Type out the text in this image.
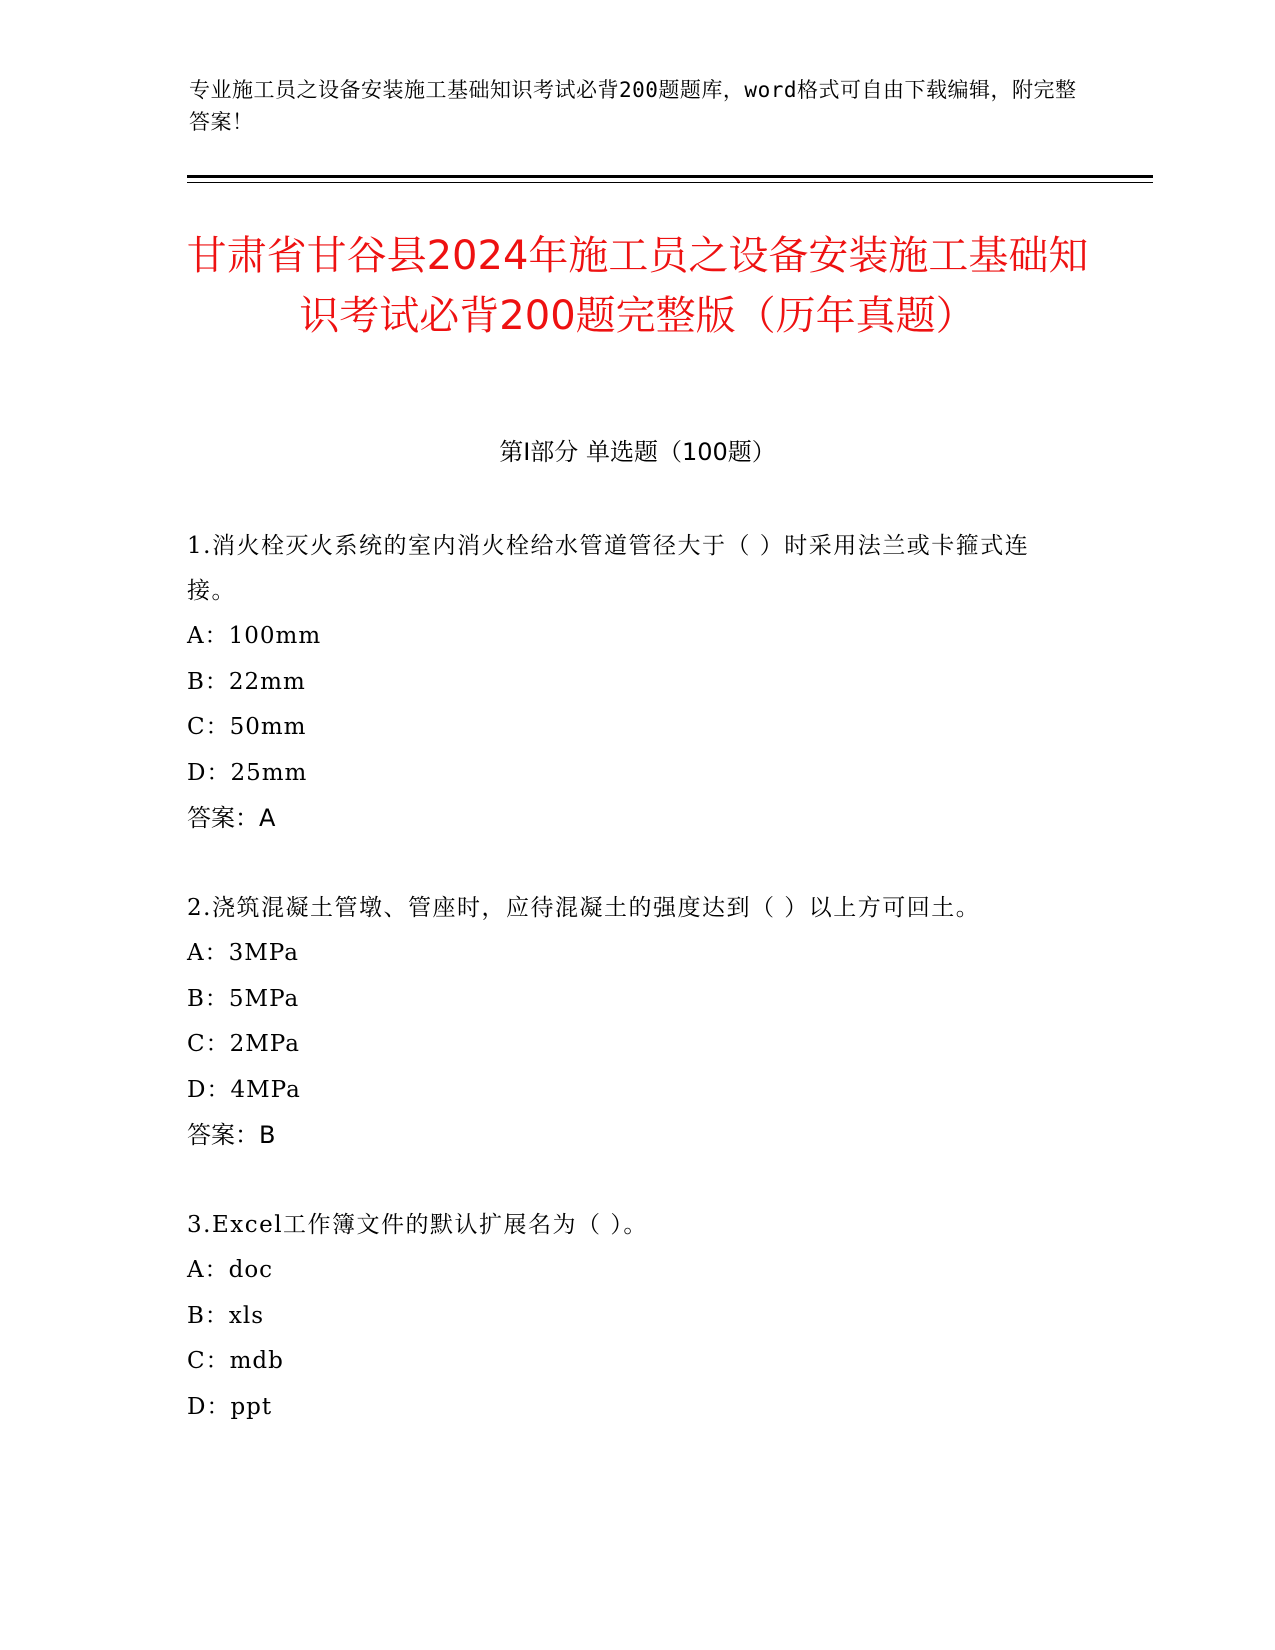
专业施工员之设备安装施工基础知识考试必背200题题库，word格式可自由下载编辑，附完整答案！
甘肃省甘谷县2024年施工员之设备安装施工基础知识考试必背200题完整版（历年真题）
第Ⅰ部分 单选题（100题）
1.消火栓灭火系统的室内消火栓给水管道管径大于（ ）时采用法兰或卡箍式连接。
A：100mm
B：22mm
C：50mm
D：25mm
答案：A
2.浇筑混凝土管墩、管座时，应待混凝土的强度达到（ ）以上方可回土。
A：3MPa
B：5MPa
C：2MPa
D：4MPa
答案：B
3.Excel工作簿文件的默认扩展名为（ ）。
A：doc
B：xls
C：mdb
D：ppt
